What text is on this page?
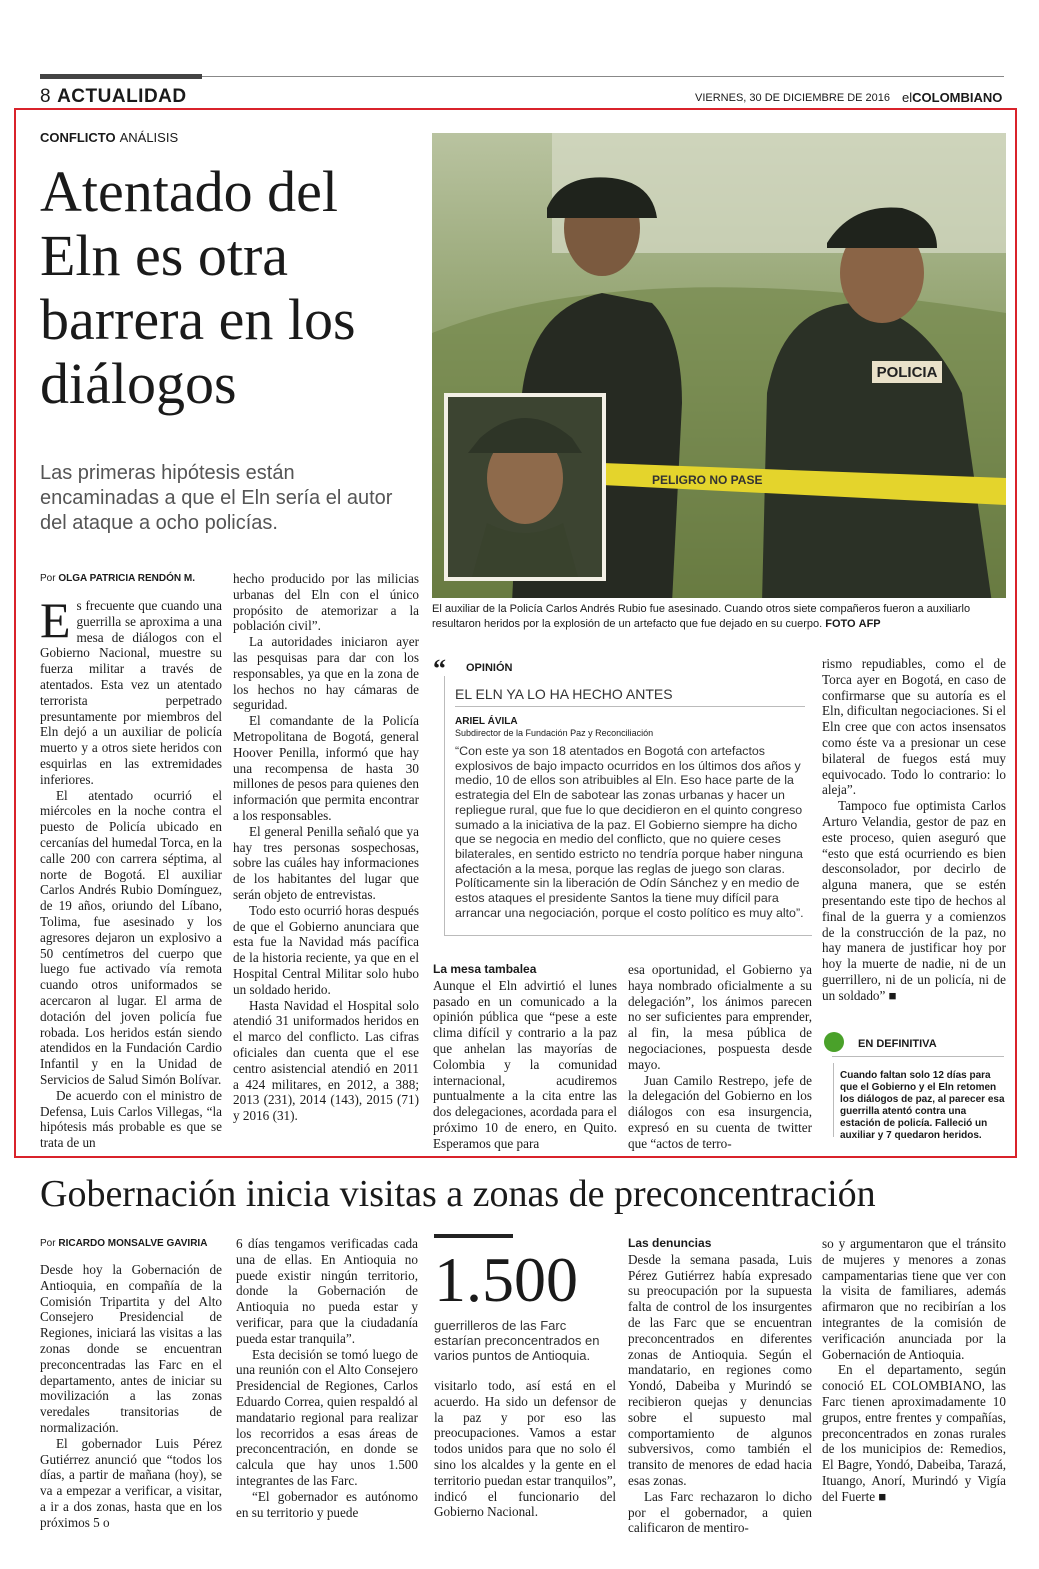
8 ACTUALIDAD	VIERNES, 30 DE DICIEMBRE DE 2016 elCOLOMBIANO
CONFLICTO ANÁLISIS
Atentado del Eln es otra barrera en los diálogos
Las primeras hipótesis están encaminadas a que el Eln sería el autor del ataque a ocho policías.
Por OLGA PATRICIA RENDÓN M.

Es frecuente que cuando una guerrilla se aproxima a una mesa de diálogos con el Gobierno Nacional, muestre su fuerza militar a través de atentados. Esta vez un atentado terrorista perpetrado presuntamente por miembros del Eln dejó a un auxiliar de policía muerto y a otros siete heridos con esquirlas en las extremidades inferiores.

El atentado ocurrió el miércoles en la noche contra el puesto de Policía ubicado en cercanías del humedal Torca, en la calle 200 con carrera séptima, al norte de Bogotá. El auxiliar Carlos Andrés Rubio Domínguez, de 19 años, oriundo del Líbano, Tolima, fue asesinado y los agresores dejaron un explosivo a 50 centímetros del cuerpo que luego fue activado vía remota cuando otros uniformados se acercaron al lugar. El arma de dotación del joven policía fue robada. Los heridos están siendo atendidos en la Fundación Cardio Infantil y en la Unidad de Servicios de Salud Simón Bolívar.

De acuerdo con el ministro de Defensa, Luis Carlos Villegas, “la hipótesis más probable es que se trata de un

hecho producido por las milicias urbanas del Eln con el único propósito de atemorizar a la población civil”.

La autoridades iniciaron ayer las pesquisas para dar con los responsables, ya que en la zona de los hechos no hay cámaras de seguridad.

El comandante de la Policía Metropolitana de Bogotá, general Hoover Penilla, informó que hay una recompensa de hasta 30 millones de pesos para quienes den información que permita encontrar a los responsables.

El general Penilla señaló que ya hay tres personas sospechosas, sobre las cuáles hay informaciones de los habitantes del lugar que serán objeto de entrevistas.

Todo esto ocurrió horas después de que el Gobierno anunciara que esta fue la Navidad más pacífica de la historia reciente, ya que en el Hospital Central Militar solo hubo un soldado herido.

Hasta Navidad el Hospital solo atendió 31 uniformados heridos en el marco del conflicto. Las cifras oficiales dan cuenta que el ese centro asistencial atendió en 2011 a 424 militares, en 2012, a 388; 2013 (231), 2014 (143), 2015 (71) y 2016 (31).

POLICIA
PELIGRO NO PASE
El auxiliar de la Policía Carlos Andrés Rubio fue asesinado. Cuando otros siete compañeros fueron a auxiliarlo resultaron heridos por la explosión de un artefacto que fue dejado en su cuerpo. FOTO AFP
“ OPINIÓN
EL ELN YA LO HA HECHO ANTES
ARIEL ÁVILA
Subdirector de la Fundación Paz y Reconciliación
“Con este ya son 18 atentados en Bogotá con artefactos explosivos de bajo impacto ocurridos en los últimos dos años y medio, 10 de ellos son atribuibles al Eln. Eso hace parte de la estrategia del Eln de sabotear las zonas urbanas y hacer un repliegue rural, que fue lo que decidieron en el quinto congreso sumado a la iniciativa de la paz. El Gobierno siempre ha dicho que se negocia en medio del conflicto, que no quiere ceses bilaterales, en sentido estricto no tendría porque haber ninguna afectación a la mesa, porque las reglas de juego son claras. Políticamente sin la liberación de Odín Sánchez y en medio de estos ataques el presidente Santos la tiene muy difícil para arrancar una negociación, porque el costo político es muy alto”.
La mesa tambalea

Aunque el Eln advirtió el lunes pasado en un comunicado a la opinión pública que “pese a este clima difícil y contrario a la paz que anhelan las mayorías de Colombia y la comunidad internacional, acudiremos puntualmente a la cita entre las dos delegaciones, acordada para el próximo 10 de enero, en Quito. Esperamos que para

esa oportunidad, el Gobierno ya haya nombrado oficialmente a su delegación”, los ánimos parecen no ser suficientes para emprender, al fin, la mesa pública de negociaciones, pospuesta desde mayo.

Juan Camilo Restrepo, jefe de la delegación del Gobierno en los diálogos con esa insurgencia, expresó en su cuenta de twitter que “actos de terro-

rismo repudiables, como el de Torca ayer en Bogotá, en caso de confirmarse que su autoría es el Eln, dificultan negociaciones. Si el Eln cree que con actos insensatos como éste va a presionar un cese bilateral de fuegos está muy equivocado. Todo lo contrario: lo aleja”.

Tampoco fue optimista Carlos Arturo Velandia, gestor de paz en este proceso, quien aseguró que “esto que está ocurriendo es bien desconsolador, por decirlo de alguna manera, que se estén presentando este tipo de hechos al final de la guerra y a comienzos de la construcción de la paz, no hay manera de justificar hoy por hoy la muerte de nadie, ni de un guerrillero, ni de un policía, ni de un soldado” ■

EN DEFINITIVA
Cuando faltan solo 12 días para que el Gobierno y el Eln retomen los diálogos de paz, al parecer esa guerrilla atentó contra una estación de policía. Falleció un auxiliar y 7 quedaron heridos.
Gobernación inicia visitas a zonas de preconcentración
Por RICARDO MONSALVE GAVIRIA

Desde hoy la Gobernación de Antioquia, en compañía de la Comisión Tripartita y del Alto Consejero Presidencial de Regiones, iniciará las visitas a las zonas donde se encuentran preconcentradas las Farc en el departamento, antes de iniciar su movilización a las zonas veredales transitorias de normalización.

El gobernador Luis Pérez Gutiérrez anunció que “todos los días, a partir de mañana (hoy), se va a empezar a verificar, a visitar, a ir a dos zonas, hasta que en los próximos 5 o

6 días tengamos verificadas cada una de ellas. En Antioquia no puede existir ningún territorio, donde la Gobernación de Antioquia no pueda estar y verificar, para que la ciudadanía pueda estar tranquila”.

Esta decisión se tomó luego de una reunión con el Alto Consejero Presidencial de Regiones, Carlos Eduardo Correa, quien respaldó al mandatario regional para realizar los recorridos a esas áreas de preconcentración, en donde se calcula que hay unos 1.500 integrantes de las Farc.

“El gobernador es autónomo en su territorio y puede

1.500
guerrilleros de las Farc estarían preconcentrados en varios puntos de Antioquia.

visitarlo todo, así está en el acuerdo. Ha sido un defensor de la paz y por eso las preocupaciones. Vamos a estar todos unidos para que no solo él sino los alcaldes y la gente en el territorio puedan estar tranquilos”, indicó el funcionario del Gobierno Nacional.

Las denuncias

Desde la semana pasada, Luis Pérez Gutiérrez había expresado su preocupación por la supuesta falta de control de los insurgentes de las Farc que se encuentran preconcentrados en diferentes zonas de Antioquia. Según el mandatario, en regiones como Yondó, Dabeiba y Murindó se recibieron quejas y denuncias sobre el supuesto mal comportamiento de algunos subversivos, como también el transito de menores de edad hacia esas zonas.

Las Farc rechazaron lo dicho por el gobernador, a quien calificaron de mentiro-

so y argumentaron que el tránsito de mujeres y menores a zonas campamentarias tiene que ver con la visita de familiares, además afirmaron que no recibirían a los integrantes de la comisión de verificación anunciada por la Gobernación de Antioquia.

En el departamento, según conoció EL COLOMBIANO, las Farc tienen aproximadamente 10 grupos, entre frentes y compañías, preconcentrados en zonas rurales de los municipios de: Remedios, El Bagre, Yondó, Dabeiba, Tarazá, Ituango, Anorí, Murindó y Vigía del Fuerte ■
